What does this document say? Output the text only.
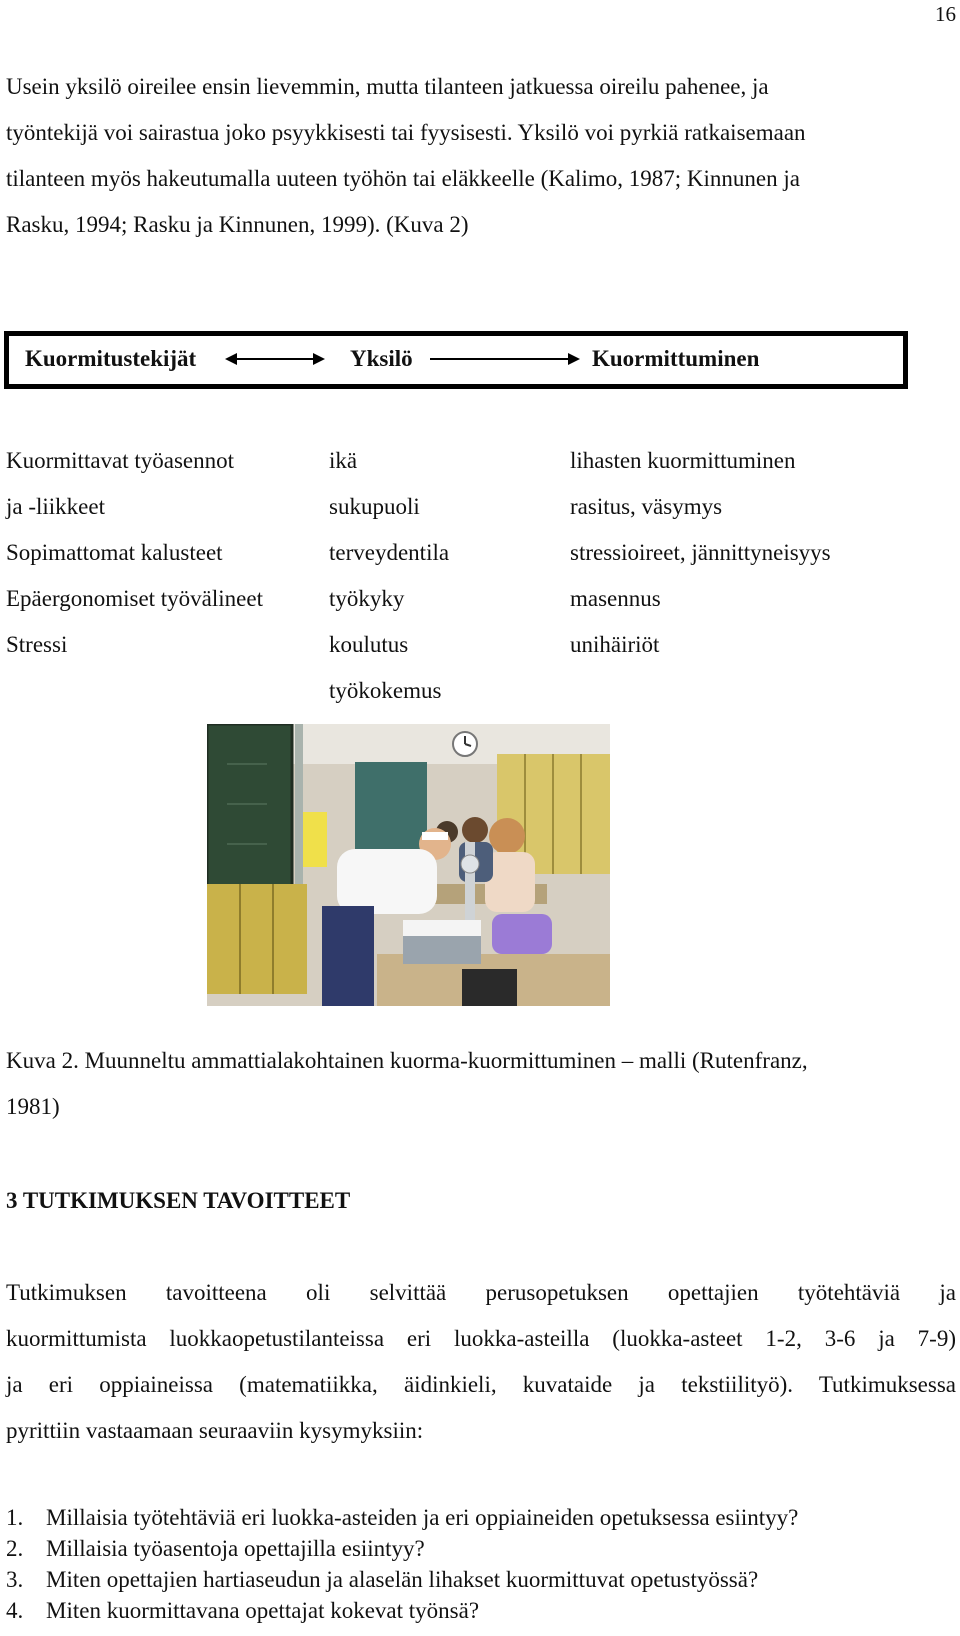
16
Usein yksilö oireilee ensin lievemmin, mutta tilanteen jatkuessa oireilu pahenee, ja
työntekijä voi sairastua joko psyykkisesti tai fyysisesti. Yksilö voi pyrkiä ratkaisemaan
tilanteen myös hakeutumalla uuteen työhön tai eläkkeelle (Kalimo, 1987; Kinnunen ja
Rasku, 1994; Rasku ja Kinnunen, 1999). (Kuva 2)
Kuormitustekijät	Yksilö	Kuormittuminen
Kuormittavat työasennot
ja -liikkeet
Sopimattomat kalusteet
Epäergonomiset työvälineet
Stressi
ikä
sukupuoli
terveydentila
työkyky
koulutus
työkokemus
lihasten kuormittuminen
rasitus, väsymys
stressioireet, jännittyneisyys
masennus
unihäiriöt
Kuva 2. Muunneltu ammattialakohtainen kuorma-kuormittuminen – malli (Rutenfranz,
1981)
3 TUTKIMUKSEN TAVOITTEET
Tutkimuksen tavoitteena oli selvittää perusopetuksen opettajien työtehtäviä ja
kuormittumista luokkaopetustilanteissa eri luokka-asteilla (luokka-asteet 1-2, 3-6 ja 7-9)
ja eri oppiaineissa (matematiikka, äidinkieli, kuvataide ja tekstiilityö). Tutkimuksessa
pyrittiin vastaamaan seuraaviin kysymyksiin:
1. Millaisia työtehtäviä eri luokka-asteiden ja eri oppiaineiden opetuksessa esiintyy?
2. Millaisia työasentoja opettajilla esiintyy?
3. Miten opettajien hartiaseudun ja alaselän lihakset kuormittuvat opetustyössä?
4. Miten kuormittavana opettajat kokevat työnsä?
